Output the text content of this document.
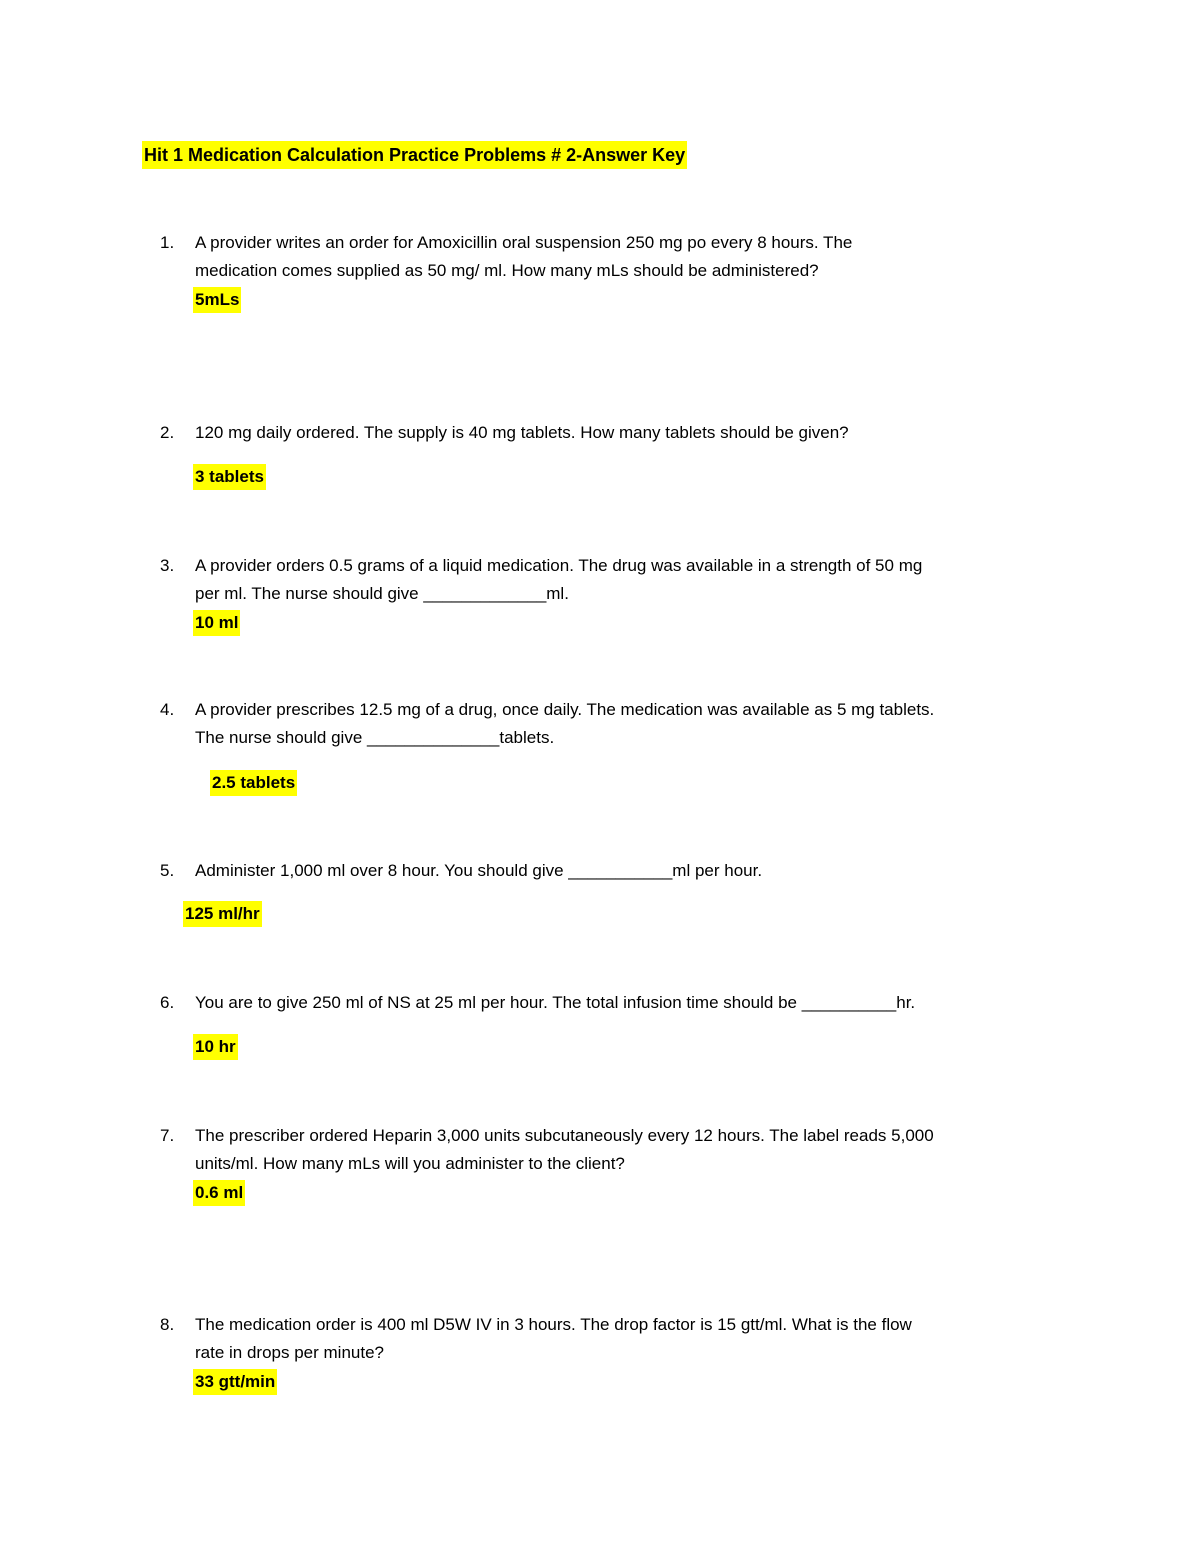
Hit 1 Medication Calculation Practice Problems # 2-Answer Key
1. A provider writes an order for Amoxicillin oral suspension 250 mg po every 8 hours. The
medication comes supplied as 50 mg/ ml. How many mLs should be administered?
5mLs
2. 120 mg daily ordered. The supply is 40 mg tablets. How many tablets should be given?
3 tablets
3. A provider orders 0.5 grams of a liquid medication. The drug was available in a strength of 50 mg
per ml. The nurse should give _____________ml.
10 ml
4. A provider prescribes 12.5 mg of a drug, once daily. The medication was available as 5 mg tablets.
The nurse should give ______________tablets.
2.5 tablets
5. Administer 1,000 ml over 8 hour. You should give ___________ml per hour.
125 ml/hr
6. You are to give 250 ml of NS at 25 ml per hour. The total infusion time should be __________hr.
10 hr
7. The prescriber ordered Heparin 3,000 units subcutaneously every 12 hours. The label reads 5,000
units/ml. How many mLs will you administer to the client?
0.6 ml
8. The medication order is 400 ml D5W IV in 3 hours. The drop factor is 15 gtt/ml. What is the flow
rate in drops per minute?
33 gtt/min
